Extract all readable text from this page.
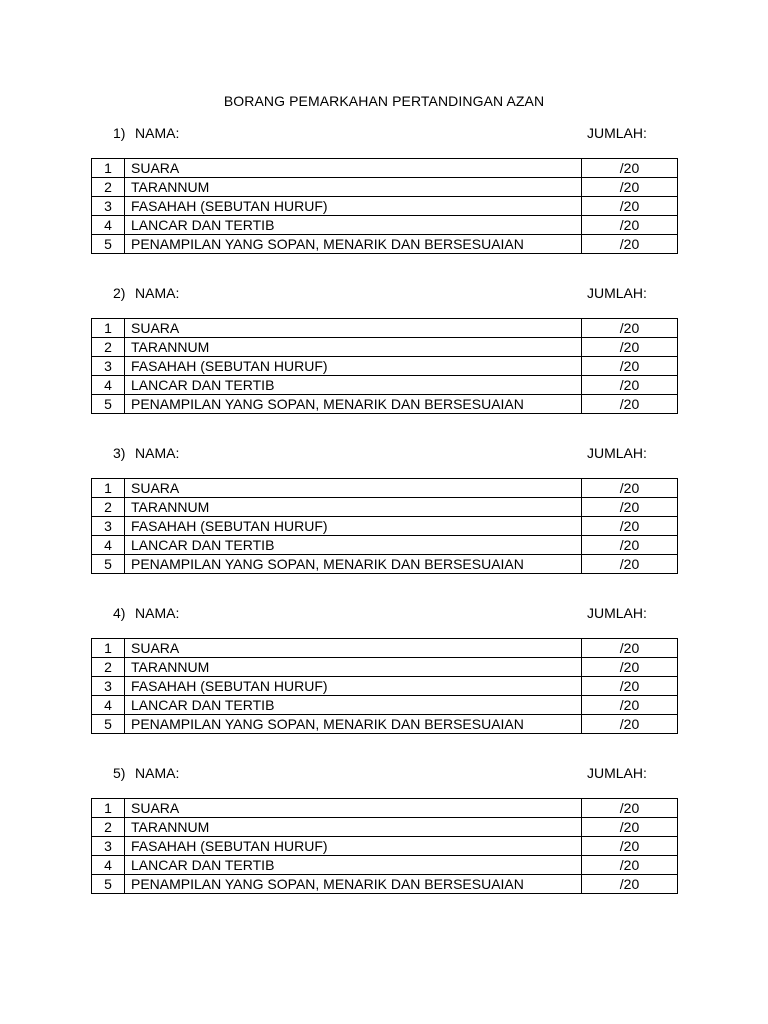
BORANG PEMARKAHAN PERTANDINGAN AZAN
1) NAMA:	JUMLAH:
1	SUARA	/20
2	TARANNUM	/20
3	FASAHAH (SEBUTAN HURUF)	/20
4	LANCAR DAN TERTIB	/20
5	PENAMPILAN YANG SOPAN, MENARIK DAN BERSESUAIAN	/20
2) NAMA:	JUMLAH:
1	SUARA	/20
2	TARANNUM	/20
3	FASAHAH (SEBUTAN HURUF)	/20
4	LANCAR DAN TERTIB	/20
5	PENAMPILAN YANG SOPAN, MENARIK DAN BERSESUAIAN	/20
3) NAMA:	JUMLAH:
1	SUARA	/20
2	TARANNUM	/20
3	FASAHAH (SEBUTAN HURUF)	/20
4	LANCAR DAN TERTIB	/20
5	PENAMPILAN YANG SOPAN, MENARIK DAN BERSESUAIAN	/20
4) NAMA:	JUMLAH:
1	SUARA	/20
2	TARANNUM	/20
3	FASAHAH (SEBUTAN HURUF)	/20
4	LANCAR DAN TERTIB	/20
5	PENAMPILAN YANG SOPAN, MENARIK DAN BERSESUAIAN	/20
5) NAMA:	JUMLAH:
1	SUARA	/20
2	TARANNUM	/20
3	FASAHAH (SEBUTAN HURUF)	/20
4	LANCAR DAN TERTIB	/20
5	PENAMPILAN YANG SOPAN, MENARIK DAN BERSESUAIAN	/20
